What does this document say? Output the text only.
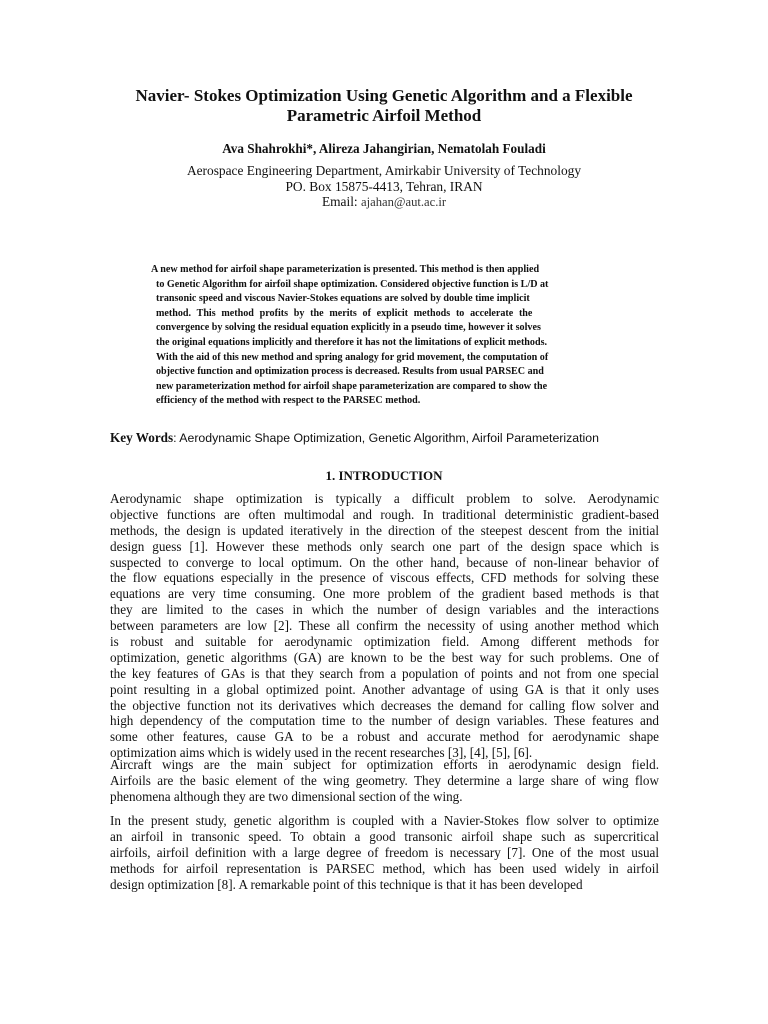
Navier- Stokes Optimization Using Genetic Algorithm and a Flexible
Parametric Airfoil Method
Ava Shahrokhi*, Alireza Jahangirian, Nematolah Fouladi
Aerospace Engineering Department, Amirkabir University of Technology
PO. Box 15875-4413, Tehran, IRAN
Email: ajahan@aut.ac.ir
A new method for airfoil shape parameterization is presented. This method is then applied
to Genetic Algorithm for airfoil shape optimization. Considered objective function is L/D at
transonic speed and viscous Navier-Stokes equations are solved by double time implicit
method. This method profits by the merits of explicit methods to accelerate the
convergence by solving the residual equation explicitly in a pseudo time, however it solves
the original equations implicitly and therefore it has not the limitations of explicit methods.
With the aid of this new method and spring analogy for grid movement, the computation of
objective function and optimization process is decreased. Results from usual PARSEC and
new parameterization method for airfoil shape parameterization are compared to show the
efficiency of the method with respect to the PARSEC method.
Key Words: Aerodynamic Shape Optimization, Genetic Algorithm, Airfoil Parameterization
1. INTRODUCTION
Aerodynamic shape optimization is typically a difficult problem to solve. Aerodynamic
objective functions are often multimodal and rough. In traditional deterministic gradient-based
methods, the design is updated iteratively in the direction of the steepest descent from the initial
design guess [1]. However these methods only search one part of the design space which is
suspected to converge to local optimum. On the other hand, because of non-linear behavior of
the flow equations especially in the presence of viscous effects, CFD methods for solving these
equations are very time consuming. One more problem of the gradient based methods is that
they are limited to the cases in which the number of design variables and the interactions
between parameters are low [2]. These all confirm the necessity of using another method which
is robust and suitable for aerodynamic optimization field. Among different methods for
optimization, genetic algorithms (GA) are known to be the best way for such problems. One of
the key features of GAs is that they search from a population of points and not from one special
point resulting in a global optimized point. Another advantage of using GA is that it only uses
the objective function not its derivatives which decreases the demand for calling flow solver and
high dependency of the computation time to the number of design variables. These features and
some other features, cause GA to be a robust and accurate method for aerodynamic shape
optimization aims which is widely used in the recent researches [3], [4], [5], [6].
Aircraft wings are the main subject for optimization efforts in aerodynamic design field.
Airfoils are the basic element of the wing geometry. They determine a large share of wing flow
phenomena although they are two dimensional section of the wing.
In the present study, genetic algorithm is coupled with a Navier-Stokes flow solver to optimize
an airfoil in transonic speed. To obtain a good transonic airfoil shape such as supercritical
airfoils, airfoil definition with a large degree of freedom is necessary [7]. One of the most usual
methods for airfoil representation is PARSEC method, which has been used widely in airfoil
design optimization [8]. A remarkable point of this technique is that it has been developed
